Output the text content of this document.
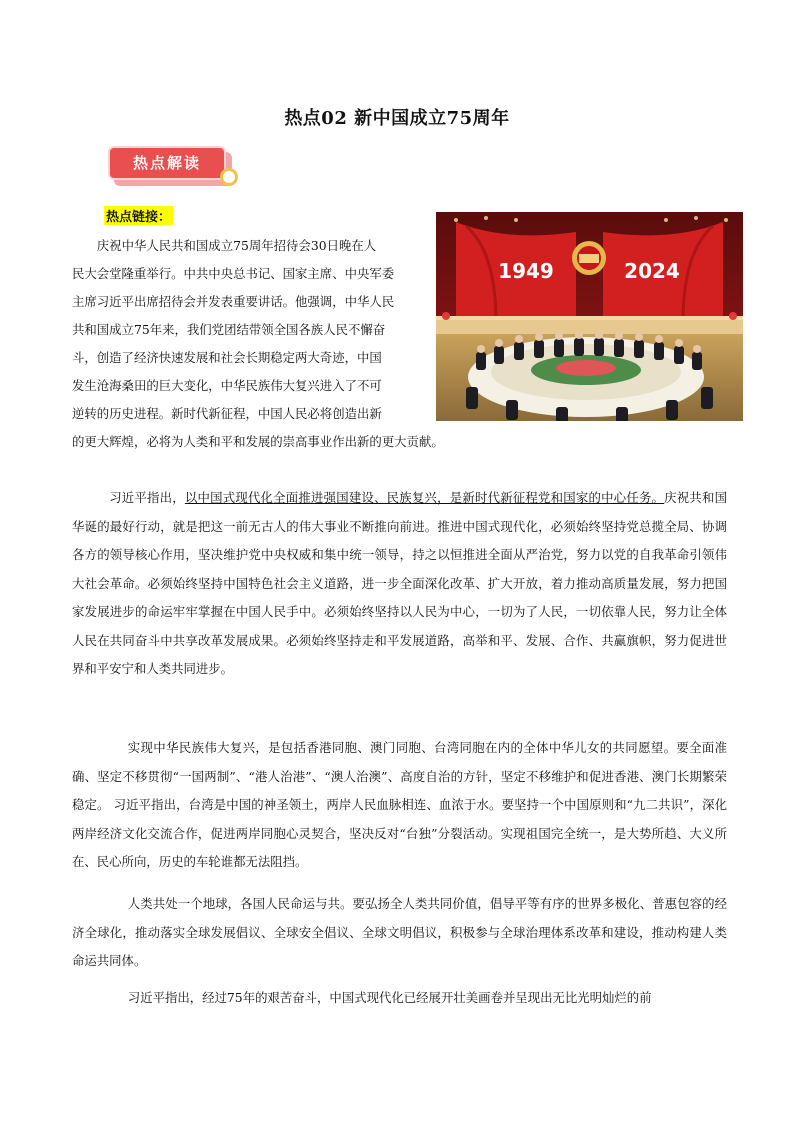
热点02 新中国成立75周年
热点解读
热点链接：
1949	2024
庆祝中华人民共和国成立75周年招待会30日晚在人
民大会堂隆重举行。中共中央总书记、国家主席、中央军委
主席习近平出席招待会并发表重要讲话。他强调，中华人民
共和国成立75年来，我们党团结带领全国各族人民不懈奋
斗，创造了经济快速发展和社会长期稳定两大奇迹，中国
发生沧海桑田的巨大变化，中华民族伟大复兴进入了不可
逆转的历史进程。新时代新征程，中国人民必将创造出新
的更大辉煌，必将为人类和平和发展的崇高事业作出新的更大贡献。
习近平指出，以中国式现代化全面推进强国建设、民族复兴，是新时代新征程党和国家的中心任务。庆祝共和国华诞的最好行动，就是把这一前无古人的伟大事业不断推向前进。推进中国式现代化，必须始终坚持党总揽全局、协调各方的领导核心作用，坚决维护党中央权威和集中统一领导，持之以恒推进全面从严治党，努力以党的自我革命引领伟大社会革命。必须始终坚持中国特色社会主义道路，进一步全面深化改革、扩大开放，着力推动高质量发展，努力把国家发展进步的命运牢牢掌握在中国人民手中。必须始终坚持以人民为中心，一切为了人民，一切依靠人民，努力让全体人民在共同奋斗中共享改革发展成果。必须始终坚持走和平发展道路，高举和平、发展、合作、共赢旗帜，努力促进世界和平安宁和人类共同进步。
实现中华民族伟大复兴，是包括香港同胞、澳门同胞、台湾同胞在内的全体中华儿女的共同愿望。要全面准确、坚定不移贯彻“一国两制”、“港人治港”、“澳人治澳”、高度自治的方针，坚定不移维护和促进香港、澳门长期繁荣稳定。 习近平指出，台湾是中国的神圣领土，两岸人民血脉相连、血浓于水。要坚持一个中国原则和“九二共识”，深化两岸经济文化交流合作，促进两岸同胞心灵契合，坚决反对“台独”分裂活动。实现祖国完全统一，是大势所趋、大义所在、民心所向，历史的车轮谁都无法阻挡。
人类共处一个地球，各国人民命运与共。要弘扬全人类共同价值，倡导平等有序的世界多极化、普惠包容的经济全球化，推动落实全球发展倡议、全球安全倡议、全球文明倡议，积极参与全球治理体系改革和建设，推动构建人类命运共同体。
习近平指出，经过75年的艰苦奋斗，中国式现代化已经展开壮美画卷并呈现出无比光明灿烂的前
